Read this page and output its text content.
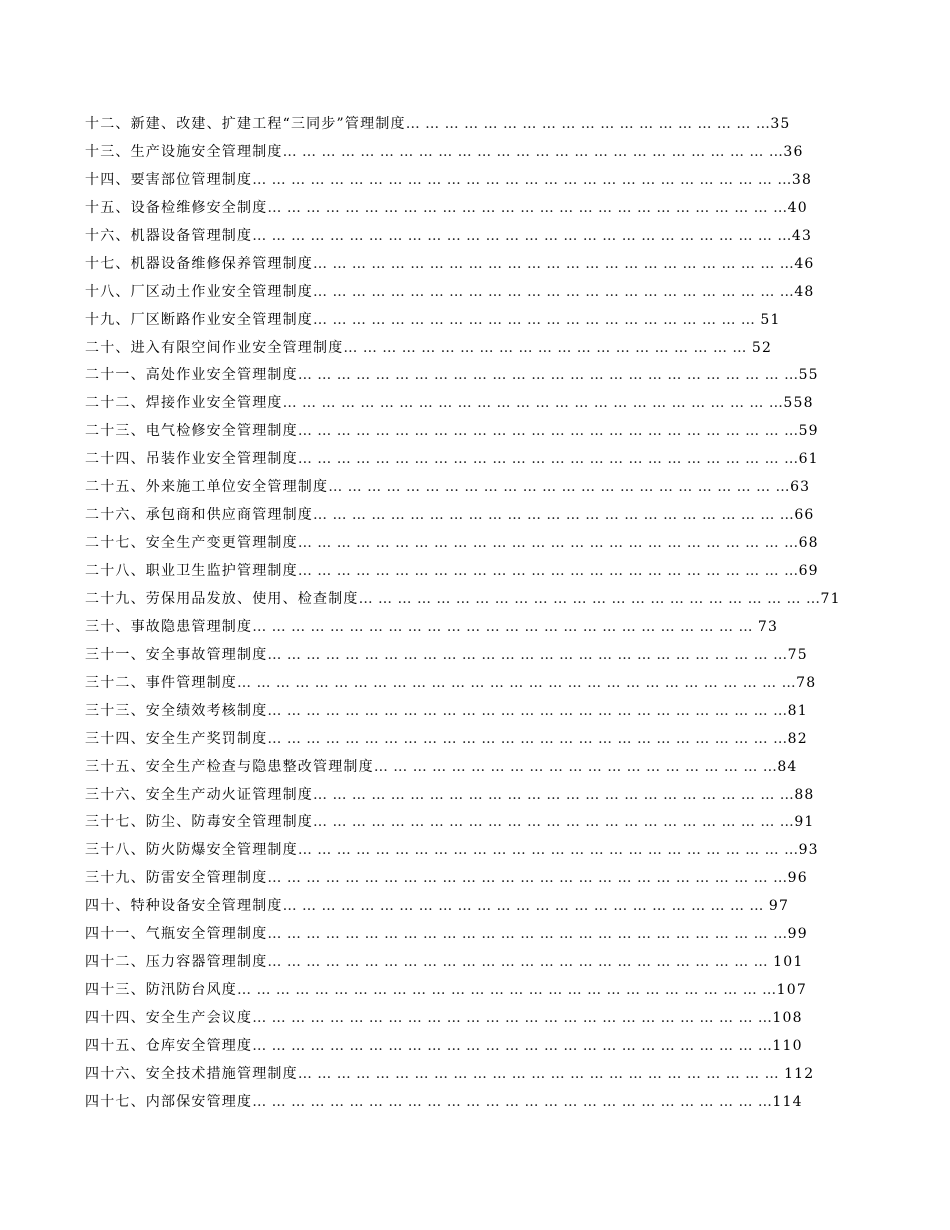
十二、新建、改建、扩建工程“三同步”管理制度… … … … … … … … … … … … … … … … … … …35
十三、生产设施安全管理制度… … … … … … … … … … … … … … … … … … … … … … … … … …36
十四、要害部位管理制度… … … … … … … … … … … … … … … … … … … … … … … … … … … …38
十五、设备检维修安全制度… … … … … … … … … … … … … … … … … … … … … … … … … … …40
十六、机器设备管理制度… … … … … … … … … … … … … … … … … … … … … … … … … … … …43
十七、机器设备维修保养管理制度… … … … … … … … … … … … … … … … … … … … … … … … …46
十八、厂区动土作业安全管理制度… … … … … … … … … … … … … … … … … … … … … … … … …48
十九、厂区断路作业安全管理制度… … … … … … … … … … … … … … … … … … … … … … … 51
二十、进入有限空间作业安全管理制度… … … … … … … … … … … … … … … … … … … … … 52
二十一、高处作业安全管理制度… … … … … … … … … … … … … … … … … … … … … … … … … …55
二十二、焊接作业安全管理度… … … … … … … … … … … … … … … … … … … … … … … … … …558
二十三、电气检修安全管理制度… … … … … … … … … … … … … … … … … … … … … … … … … …59
二十四、吊装作业安全管理制度… … … … … … … … … … … … … … … … … … … … … … … … … …61
二十五、外来施工单位安全管理制度… … … … … … … … … … … … … … … … … … … … … … … …63
二十六、承包商和供应商管理制度… … … … … … … … … … … … … … … … … … … … … … … … …66
二十七、安全生产变更管理制度… … … … … … … … … … … … … … … … … … … … … … … … … …68
二十八、职业卫生监护管理制度… … … … … … … … … … … … … … … … … … … … … … … … … …69
二十九、劳保用品发放、使用、检查制度… … … … … … … … … … … … … … … … … … … … … … … …71
三十、事故隐患管理制度… … … … … … … … … … … … … … … … … … … … … … … … … … 73
三十一、安全事故管理制度… … … … … … … … … … … … … … … … … … … … … … … … … … …75
三十二、事件管理制度… … … … … … … … … … … … … … … … … … … … … … … … … … … … …78
三十三、安全绩效考核制度… … … … … … … … … … … … … … … … … … … … … … … … … … …81
三十四、安全生产奖罚制度… … … … … … … … … … … … … … … … … … … … … … … … … … …82
三十五、安全生产检查与隐患整改管理制度… … … … … … … … … … … … … … … … … … … … …84
三十六、安全生产动火证管理制度… … … … … … … … … … … … … … … … … … … … … … … … …88
三十七、防尘、防毒安全管理制度… … … … … … … … … … … … … … … … … … … … … … … … …91
三十八、防火防爆安全管理制度… … … … … … … … … … … … … … … … … … … … … … … … … …93
三十九、防雷安全管理制度… … … … … … … … … … … … … … … … … … … … … … … … … … …96
四十、特种设备安全管理制度… … … … … … … … … … … … … … … … … … … … … … … … … 97
四十一、气瓶安全管理制度… … … … … … … … … … … … … … … … … … … … … … … … … … …99
四十二、压力容器管理制度… … … … … … … … … … … … … … … … … … … … … … … … … … 101
四十三、防汛防台风度… … … … … … … … … … … … … … … … … … … … … … … … … … … …107
四十四、安全生产会议度… … … … … … … … … … … … … … … … … … … … … … … … … … …108
四十五、仓库安全管理度… … … … … … … … … … … … … … … … … … … … … … … … … … …110
四十六、安全技术措施管理制度… … … … … … … … … … … … … … … … … … … … … … … … … 112
四十七、内部保安管理度… … … … … … … … … … … … … … … … … … … … … … … … … … …114
